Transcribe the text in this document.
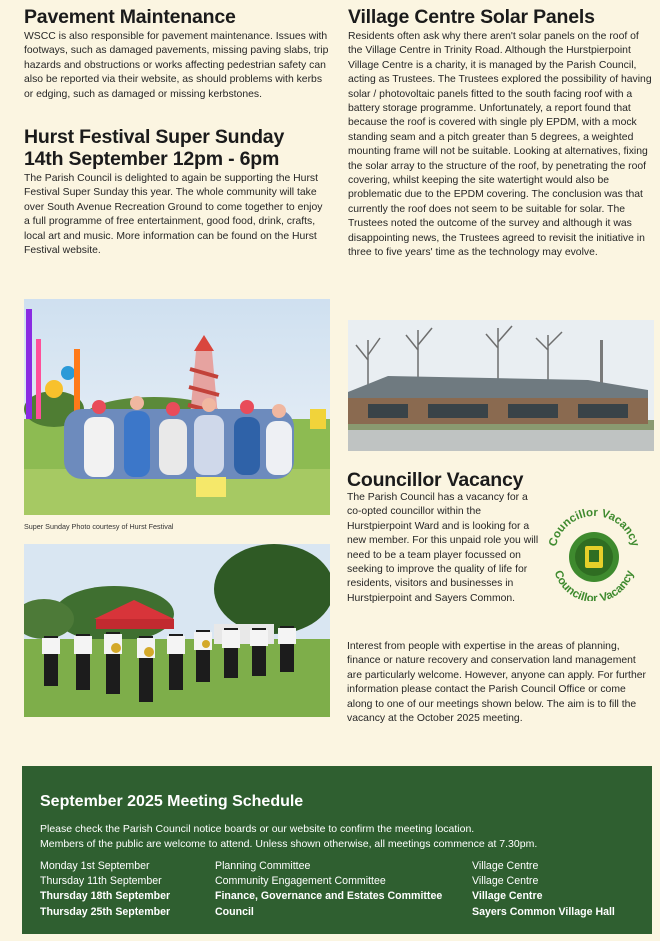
Pavement Maintenance

WSCC is also responsible for pavement maintenance. Issues with footways, such as damaged pavements, missing paving slabs, trip hazards and obstructions or works affecting pedestrian safety can also be reported via their website, as should problems with kerbs or edging, such as damaged or missing kerbstones.

Hurst Festival Super Sunday
14th September 12pm - 6pm

The Parish Council is delighted to again be supporting the Hurst Festival Super Sunday this year. The whole community will take over South Avenue Recreation Ground to come together to enjoy a full programme of free entertainment, good food, drink, crafts, local art and music. More information can be found on the Hurst Festival website.

Super Sunday Photo courtesy of Hurst Festival
Village Centre Solar Panels

Residents often ask why there aren't solar panels on the roof of the Village Centre in Trinity Road. Although the Hurstpierpoint Village Centre is a charity, it is managed by the Parish Council, acting as Trustees. The Trustees explored the possibility of having solar / photovoltaic panels fitted to the south facing roof with a battery storage programme. Unfortunately, a report found that because the roof is covered with single ply EPDM, with a mock standing seam and a pitch greater than 5 degrees, a weighted mounting frame will not be suitable. Looking at alternatives, fixing the solar array to the structure of the roof, by penetrating the roof covering, whilst keeping the site watertight would also be problematic due to the EPDM covering. The conclusion was that currently the roof does not seem to be suitable for solar. The Trustees noted the outcome of the survey and although it was disappointing news, the Trustees agreed to revisit the initiative in three to five years' time as the technology may evolve.

Councillor Vacancy

The Parish Council has a vacancy for a co-opted councillor within the Hurstpierpoint Ward and is looking for a new member. For this unpaid role you will need to be a team player focussed on seeking to improve the quality of life for residents, visitors and businesses in Hurstpierpoint and Sayers Common.

Interest from people with expertise in the areas of planning, finance or nature recovery and conservation land management are particularly welcome. However, anyone can apply. For further information please contact the Parish Council Office or come along to one of our meetings shown below. The aim is to fill the vacancy at the October 2025 meeting.

Councillor Vacancy
Councillor Vacancy
September 2025 Meeting Schedule
Please check the Parish Council notice boards or our website to confirm the meeting location.
Members of the public are welcome to attend. Unless shown otherwise, all meetings commence at 7.30pm.
Monday 1st September
Thursday 11th September
Thursday 18th September
Thursday 25th September
Planning Committee
Community Engagement Committee
Finance, Governance and Estates Committee
Council
Village Centre
Village Centre
Village Centre
Sayers Common Village Hall
